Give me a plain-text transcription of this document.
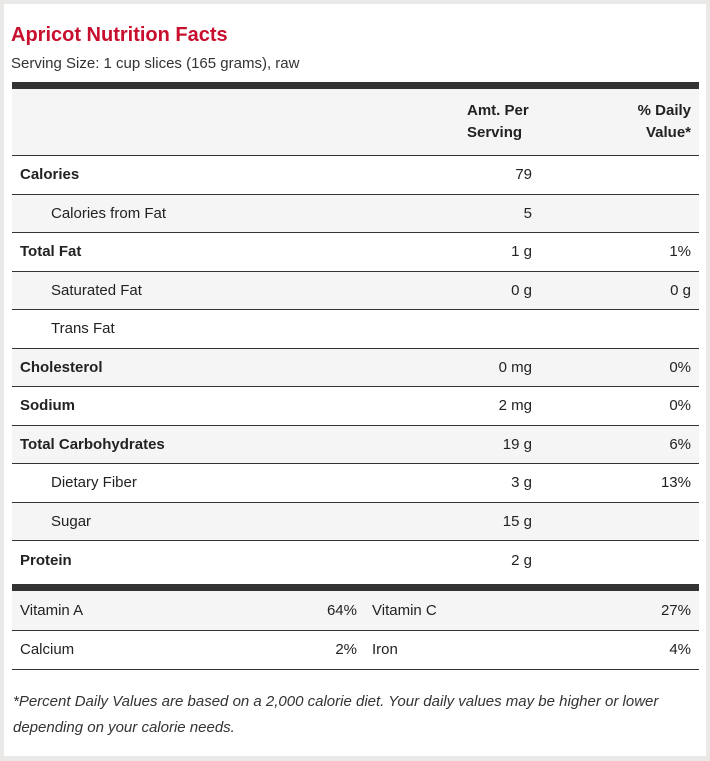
Apricot Nutrition Facts
Serving Size: 1 cup slices (165 grams), raw
Amt. Per
Serving
% Daily
Value*
Calories	79
Calories from Fat	5
Total Fat	1 g	1%
Saturated Fat	0 g	0 g
Trans Fat
Cholesterol	0 mg	0%
Sodium	2 mg	0%
Total Carbohydrates	19 g	6%
Dietary Fiber	3 g	13%
Sugar	15 g
Protein	2 g
Vitamin A	64%	Vitamin C	27%
Calcium	2%	Iron	4%
*Percent Daily Values are based on a 2,000 calorie diet. Your daily values may be higher or lower depending on your calorie needs.
